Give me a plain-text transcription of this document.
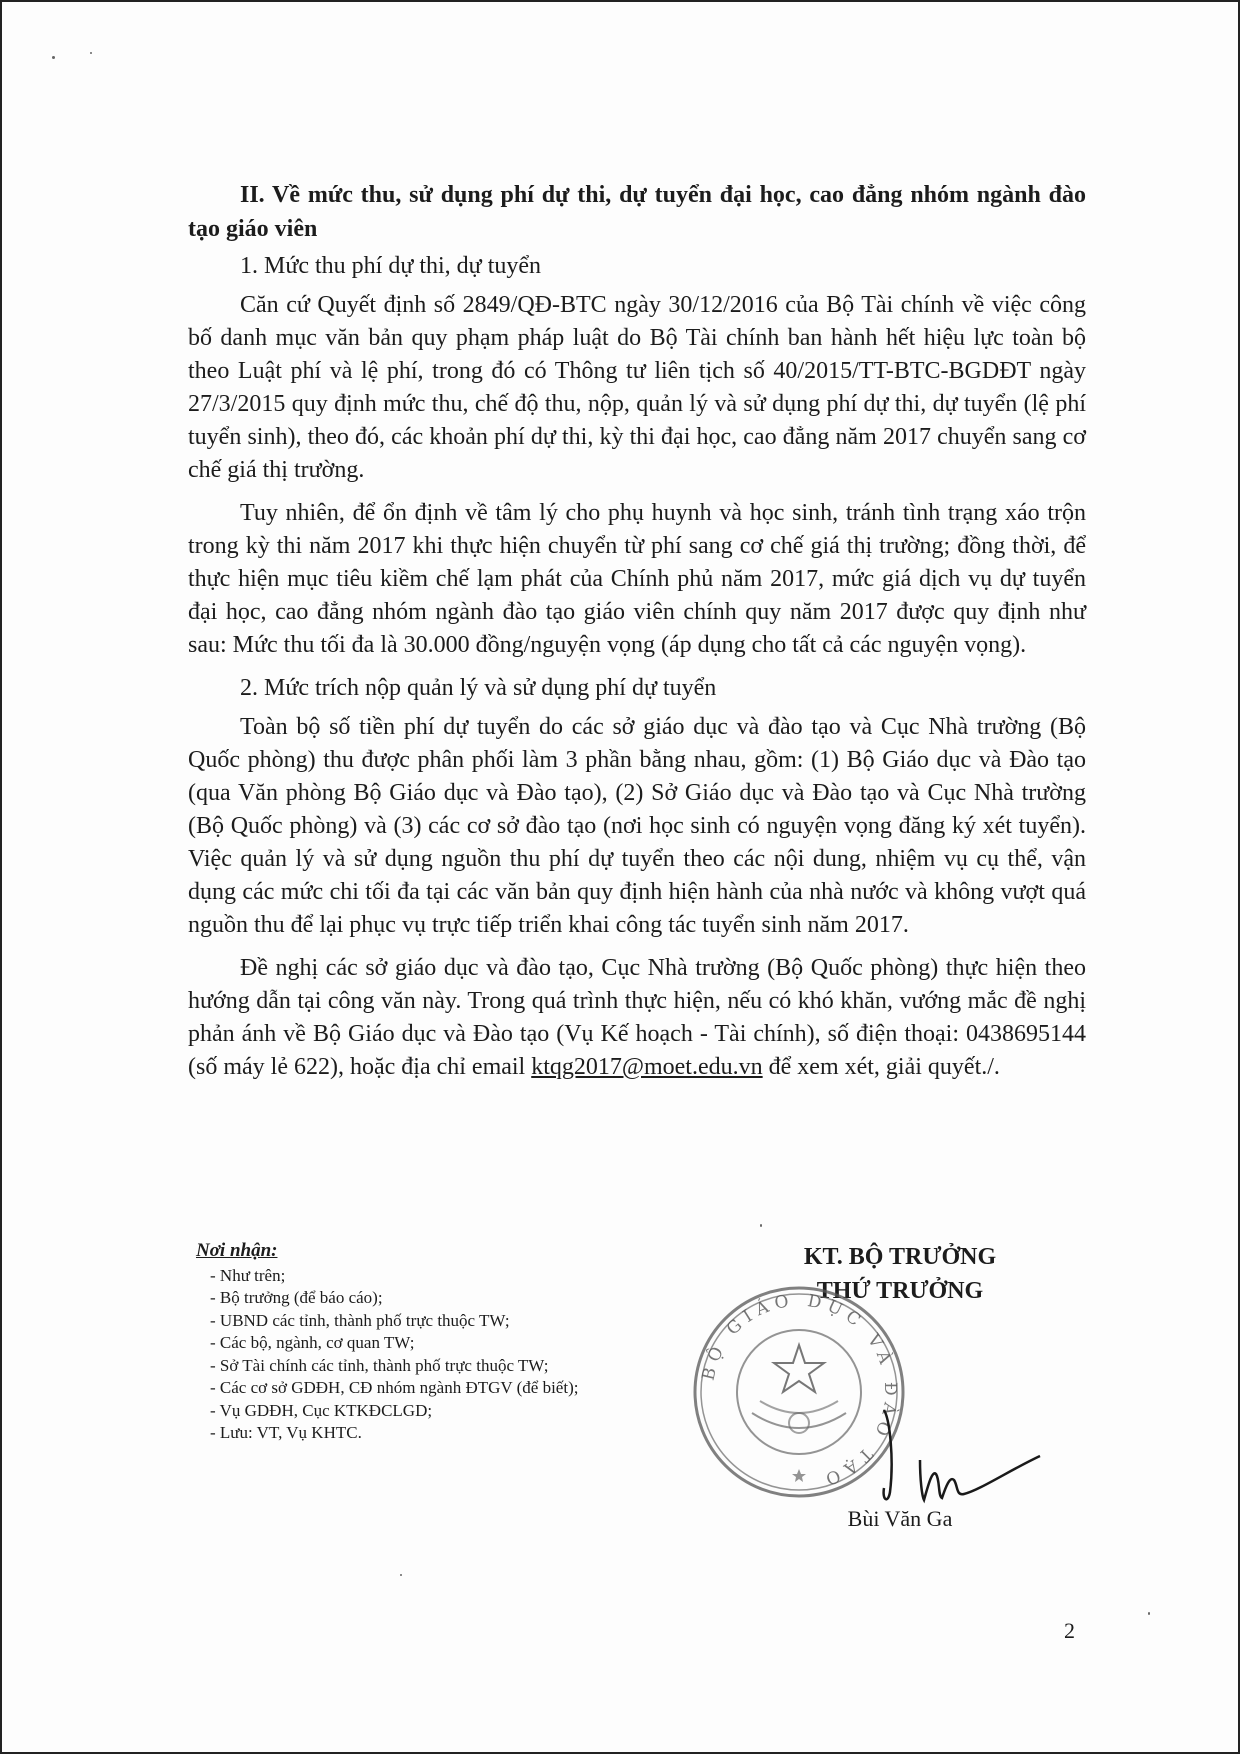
II. Về mức thu, sử dụng phí dự thi, dự tuyển đại học, cao đẳng nhóm ngành đào tạo giáo viên

1. Mức thu phí dự thi, dự tuyển

Căn cứ Quyết định số 2849/QĐ-BTC ngày 30/12/2016 của Bộ Tài chính về việc công bố danh mục văn bản quy phạm pháp luật do Bộ Tài chính ban hành hết hiệu lực toàn bộ theo Luật phí và lệ phí, trong đó có Thông tư liên tịch số 40/2015/TT-BTC-BGDĐT ngày 27/3/2015 quy định mức thu, chế độ thu, nộp, quản lý và sử dụng phí dự thi, dự tuyển (lệ phí tuyển sinh), theo đó, các khoản phí dự thi, kỳ thi đại học, cao đẳng năm 2017 chuyển sang cơ chế giá thị trường.

Tuy nhiên, để ổn định về tâm lý cho phụ huynh và học sinh, tránh tình trạng xáo trộn trong kỳ thi năm 2017 khi thực hiện chuyển từ phí sang cơ chế giá thị trường; đồng thời, để thực hiện mục tiêu kiềm chế lạm phát của Chính phủ năm 2017, mức giá dịch vụ dự tuyển đại học, cao đẳng nhóm ngành đào tạo giáo viên chính quy năm 2017 được quy định như sau: Mức thu tối đa là 30.000 đồng/nguyện vọng (áp dụng cho tất cả các nguyện vọng).

2. Mức trích nộp quản lý và sử dụng phí dự tuyển

Toàn bộ số tiền phí dự tuyển do các sở giáo dục và đào tạo và Cục Nhà trường (Bộ Quốc phòng) thu được phân phối làm 3 phần bằng nhau, gồm: (1) Bộ Giáo dục và Đào tạo (qua Văn phòng Bộ Giáo dục và Đào tạo), (2) Sở Giáo dục và Đào tạo và Cục Nhà trường (Bộ Quốc phòng) và (3) các cơ sở đào tạo (nơi học sinh có nguyện vọng đăng ký xét tuyển). Việc quản lý và sử dụng nguồn thu phí dự tuyển theo các nội dung, nhiệm vụ cụ thể, vận dụng các mức chi tối đa tại các văn bản quy định hiện hành của nhà nước và không vượt quá nguồn thu để lại phục vụ trực tiếp triển khai công tác tuyển sinh năm 2017.

Đề nghị các sở giáo dục và đào tạo, Cục Nhà trường (Bộ Quốc phòng) thực hiện theo hướng dẫn tại công văn này. Trong quá trình thực hiện, nếu có khó khăn, vướng mắc đề nghị phản ánh về Bộ Giáo dục và Đào tạo (Vụ Kế hoạch - Tài chính), số điện thoại: 0438695144 (số máy lẻ 622), hoặc địa chỉ email ktqg2017@moet.edu.vn để xem xét, giải quyết./.

Nơi nhận:
- Như trên;
- Bộ trưởng (để báo cáo);
- UBND các tỉnh, thành phố trực thuộc TW;
- Các bộ, ngành, cơ quan TW;
- Sở Tài chính các tỉnh, thành phố trực thuộc TW;
- Các cơ sở GDĐH, CĐ nhóm ngành ĐTGV (để biết);
- Vụ GDĐH, Cục KTKĐCLGD;
- Lưu: VT, Vụ KHTC.
KT. BỘ TRƯỞNG
THỨ TRƯỞNG
BỘ GIÁO DỤC VÀ ĐÀO TẠO
Bùi Văn Ga
2
